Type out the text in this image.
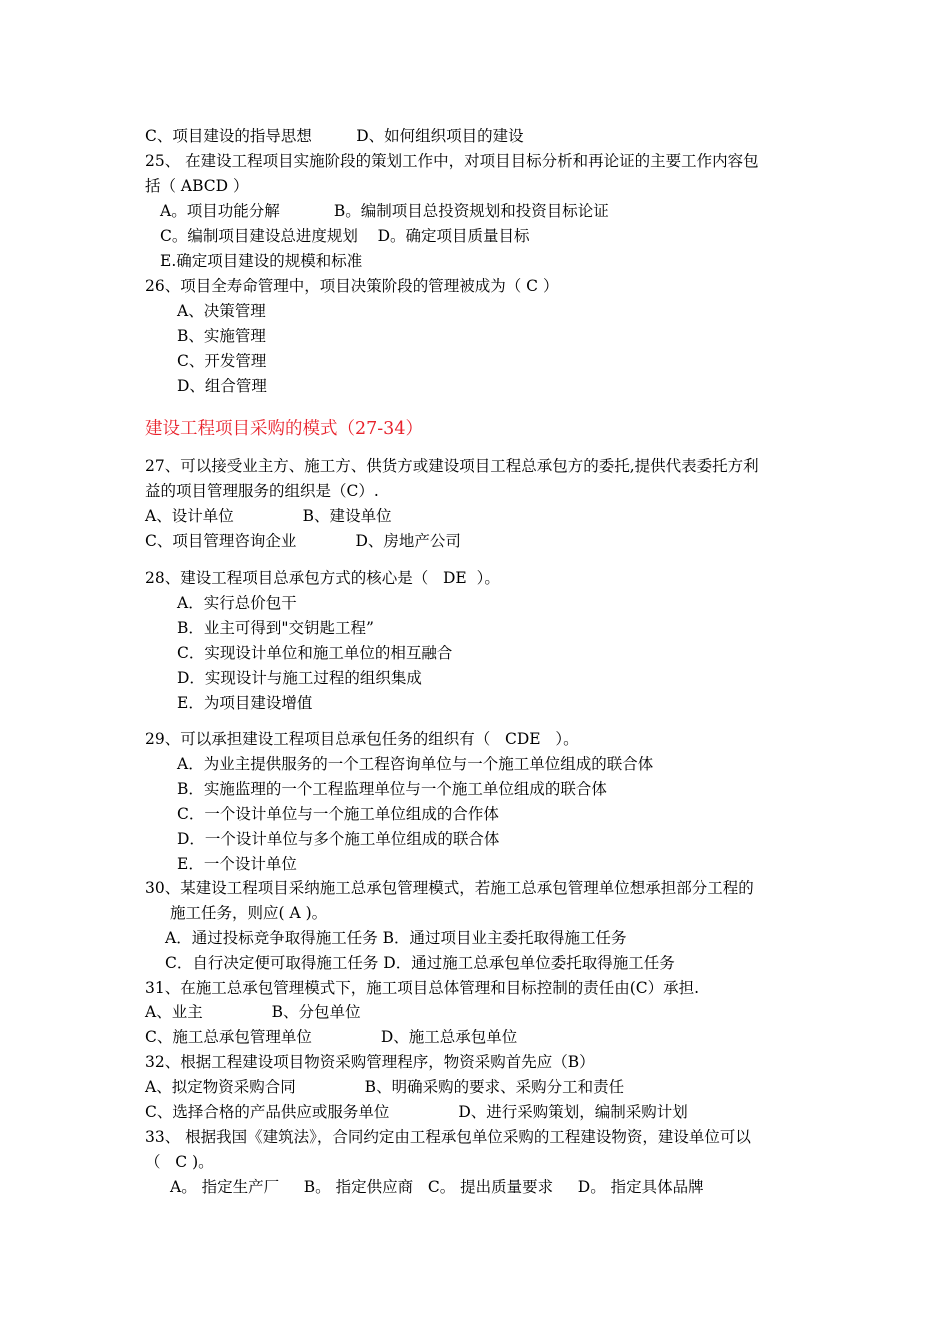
C、项目建设的指导思想         D、如何组织项目的建设
25、 在建设工程项目实施阶段的策划工作中，对项目目标分析和再论证的主要工作内容包
括（ ABCD ）
A。项目功能分解           B。编制项目总投资规划和投资目标论证
C。编制项目建设总进度规划    D。确定项目质量目标
E.确定项目建设的规模和标准
26、项目全寿命管理中，项目决策阶段的管理被成为（ C ）
A、决策管理
B、实施管理
C、开发管理
D、组合管理
建设工程项目采购的模式（27-34）
27、可以接受业主方、施工方、供货方或建设项目工程总承包方的委托,提供代表委托方利
益的项目管理服务的组织是（C）.
A、设计单位              B、建设单位
C、项目管理咨询企业            D、房地产公司
28、建设工程项目总承包方式的核心是（   DE  ）。
A．实行总价包干
B．业主可得到"交钥匙工程”
C．实现设计单位和施工单位的相互融合
D．实现设计与施工过程的组织集成
E．为项目建设增值
29、可以承担建设工程项目总承包任务的组织有（   CDE   ）。
A．为业主提供服务的一个工程咨询单位与一个施工单位组成的联合体
B．实施监理的一个工程监理单位与一个施工单位组成的联合体
C．一个设计单位与一个施工单位组成的合作体
D．一个设计单位与多个施工单位组成的联合体
E．一个设计单位
30、某建设工程项目采纳施工总承包管理模式，若施工总承包管理单位想承担部分工程的
施工任务，则应( A )。
A．通过投标竞争取得施工任务 B．通过项目业主委托取得施工任务
C．自行决定便可取得施工任务 D．通过施工总承包单位委托取得施工任务
31、在施工总承包管理模式下，施工项目总体管理和目标控制的责任由(C）承担.
A、业主              B、分包单位
C、施工总承包管理单位              D、施工总承包单位
32、根据工程建设项目物资采购管理程序，物资采购首先应（B）
A、拟定物资采购合同              B、明确采购的要求、采购分工和责任
C、选择合格的产品供应或服务单位              D、进行采购策划，编制采购计划
33、 根据我国《建筑法》，合同约定由工程承包单位采购的工程建设物资，建设单位可以
（   C )。
A。 指定生产厂     B。 指定供应商   C。 提出质量要求     D。 指定具体品牌
